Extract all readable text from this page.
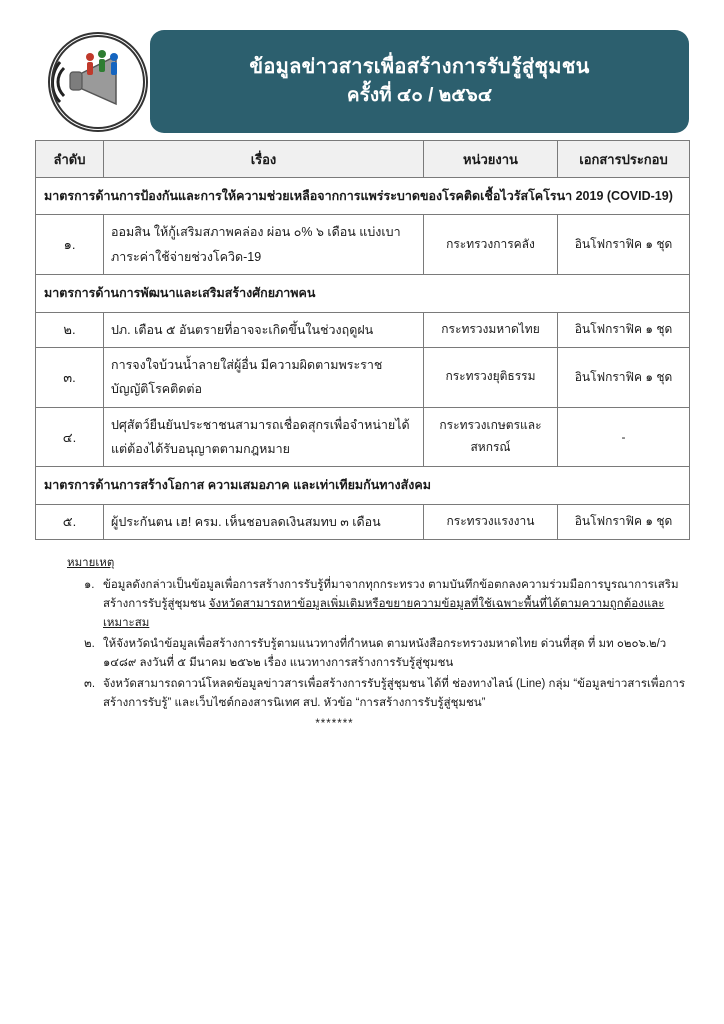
ข้อมูลข่าวสารเพื่อสร้างการรับรู้สู่ชุมชน
ครั้งที่ ๔๐ / ๒๕๖๔
ลำดับ	เรื่อง	หน่วยงาน	เอกสารประกอบ
มาตรการด้านการป้องกันและการให้ความช่วยเหลือจากการแพร่ระบาดของโรคติดเชื้อไวรัสโคโรนา 2019 (COVID-19)			
๑.	ออมสิน ให้กู้เสริมสภาพคล่อง ผ่อน ๐% ๖ เดือน แบ่งเบาภาระค่าใช้จ่ายช่วงโควิด-19	กระทรวงการคลัง	อินโฟกราฟิค ๑ ชุด
มาตรการด้านการพัฒนาและเสริมสร้างศักยภาพคน			
๒.	ปภ. เตือน ๕ อันตรายที่อาจจะเกิดขึ้นในช่วงฤดูฝน	กระทรวงมหาดไทย	อินโฟกราฟิค ๑ ชุด
๓.	การจงใจบ้วนน้ำลายใส่ผู้อื่น มีความผิดตามพระราชบัญญัติโรคติดต่อ	กระทรวงยุติธรรม	อินโฟกราฟิค ๑ ชุด
๔.	ปศุสัตว์ยืนยันประชาชนสามารถเชื่อดสุกรเพื่อจำหน่ายได้ แต่ต้องได้รับอนุญาตตามกฎหมาย	กระทรวงเกษตรและสหกรณ์	-
มาตรการด้านการสร้างโอกาส ความเสมอภาค และเท่าเทียมกันทางสังคม			
๕.	ผู้ประกันตน เฮ! ครม. เห็นชอบลดเงินสมทบ ๓ เดือน	กระทรวงแรงงาน	อินโฟกราฟิค ๑ ชุด
หมายเหตุ
๑. ข้อมูลดังกล่าวเป็นข้อมูลเพื่อการสร้างการรับรู้ที่มาจากทุกกระทรวง ตามบันทึกข้อตกลงความร่วมมือการบูรณาการเสริมสร้างการรับรู้สู่ชุมชน จังหวัดสามารถหาข้อมูลเพิ่มเติมหรือขยายความข้อมูลที่ใช้เฉพาะพื้นที่ได้ตามความถูกต้องและเหมาะสม
๒. ให้จังหวัดนำข้อมูลเพื่อสร้างการรับรู้ตามแนวทางที่กำหนด ตามหนังสือกระทรวงมหาดไทย ด่วนที่สุด ที่ มท ๐๒๐๖.๒/ว ๑๔๘๙ ลงวันที่ ๕ มีนาคม ๒๕๖๒ เรื่อง แนวทางการสร้างการรับรู้สู่ชุมชน
๓. จังหวัดสามารถดาวน์โหลดข้อมูลข่าวสารเพื่อสร้างการรับรู้สู่ชุมชน ได้ที่ ช่องทางไลน์ (Line) กลุ่ม “ข้อมูลข่าวสารเพื่อการสร้างการรับรู้” และเว็บไซต์กองสารนิเทศ สป. หัวข้อ “การสร้างการรับรู้สู่ชุมชน”
*******
